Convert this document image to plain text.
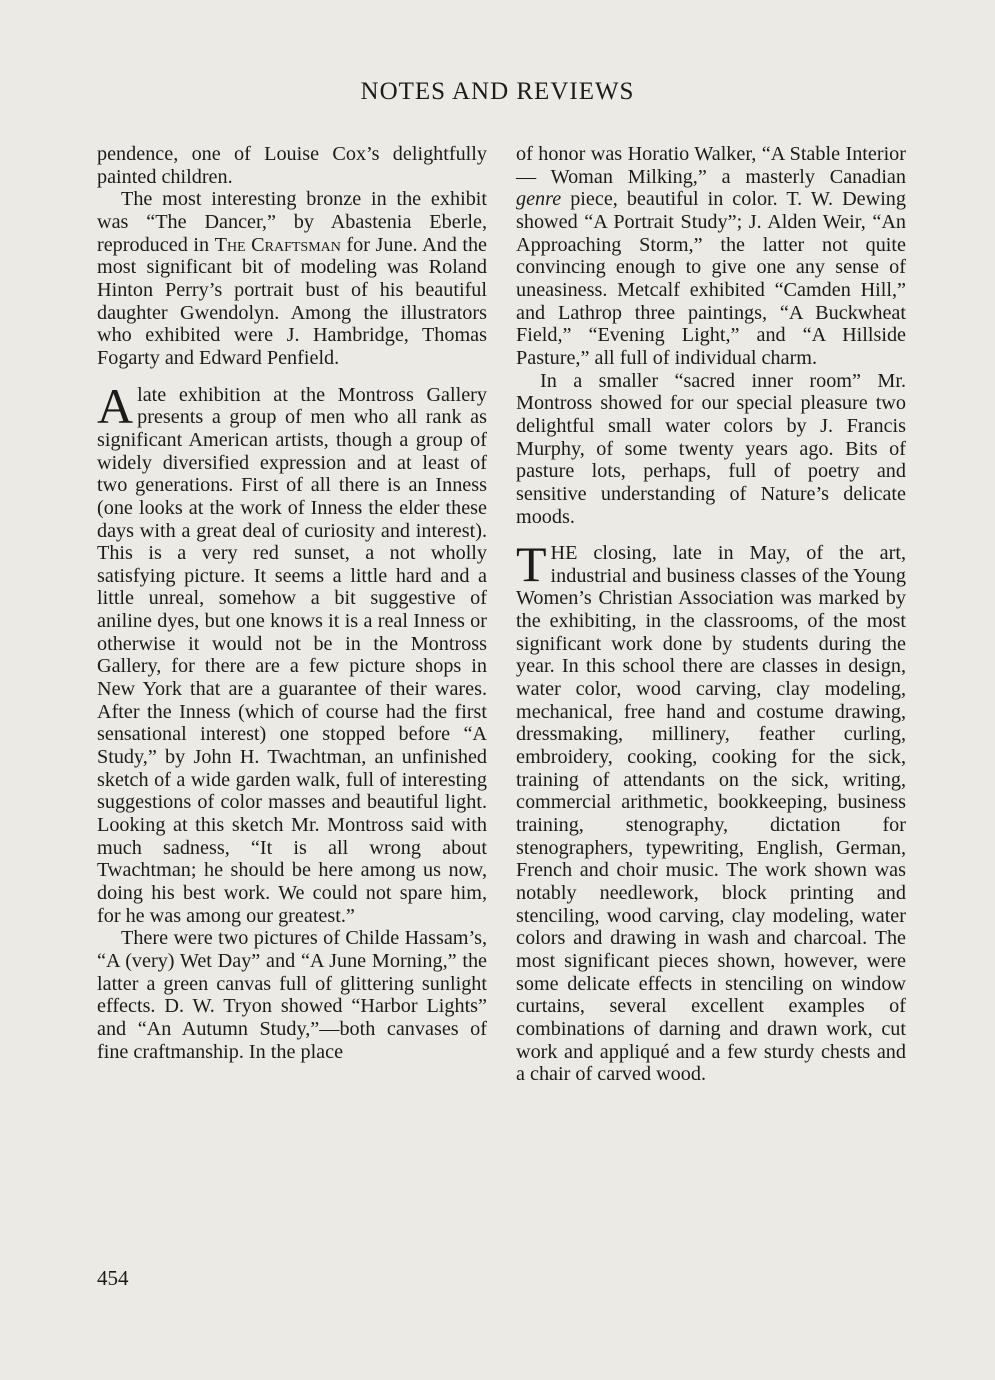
NOTES AND REVIEWS

pendence, one of Louise Cox’s delightfully painted children.

The most interesting bronze in the exhibit was “The Dancer,” by Abastenia Eberle, reproduced in The Craftsman for June. And the most significant bit of modeling was Roland Hinton Perry’s portrait bust of his beautiful daughter Gwendolyn. Among the illustrators who exhibited were J. Hambridge, Thomas Fogarty and Edward Penfield.

A late exhibition at the Montross Gallery presents a group of men who all rank as significant American artists, though a group of widely diversified expression and at least of two generations. First of all there is an Inness (one looks at the work of Inness the elder these days with a great deal of curiosity and interest). This is a very red sunset, a not wholly satisfying picture. It seems a little hard and a little unreal, somehow a bit suggestive of aniline dyes, but one knows it is a real Inness or otherwise it would not be in the Montross Gallery, for there are a few picture shops in New York that are a guarantee of their wares. After the Inness (which of course had the first sensational interest) one stopped before “A Study,” by John H. Twachtman, an unfinished sketch of a wide garden walk, full of interesting suggestions of color masses and beautiful light. Looking at this sketch Mr. Montross said with much sadness, “It is all wrong about Twachtman; he should be here among us now, doing his best work. We could not spare him, for he was among our greatest.”

There were two pictures of Childe Hassam’s, “A (very) Wet Day” and “A June Morning,” the latter a green canvas full of glittering sunlight effects. D. W. Tryon showed “Harbor Lights” and “An Autumn Study,”—both canvases of fine craftmanship. In the place

of honor was Horatio Walker, “A Stable Interior — Woman Milking,” a masterly Canadian genre piece, beautiful in color. T. W. Dewing showed “A Portrait Study”; J. Alden Weir, “An Approaching Storm,” the latter not quite convincing enough to give one any sense of uneasiness. Metcalf exhibited “Camden Hill,” and Lathrop three paintings, “A Buckwheat Field,” “Evening Light,” and “A Hillside Pasture,” all full of individual charm.

In a smaller “sacred inner room” Mr. Montross showed for our special pleasure two delightful small water colors by J. Francis Murphy, of some twenty years ago. Bits of pasture lots, perhaps, full of poetry and sensitive understanding of Nature’s delicate moods.

THE closing, late in May, of the art, industrial and business classes of the Young Women’s Christian Association was marked by the exhibiting, in the classrooms, of the most significant work done by students during the year. In this school there are classes in design, water color, wood carving, clay modeling, mechanical, free hand and costume drawing, dressmaking, millinery, feather curling, embroidery, cooking, cooking for the sick, training of attendants on the sick, writing, commercial arithmetic, bookkeeping, business training, stenography, dictation for stenographers, typewriting, English, German, French and choir music. The work shown was notably needlework, block printing and stenciling, wood carving, clay modeling, water colors and drawing in wash and charcoal. The most significant pieces shown, however, were some delicate effects in stenciling on window curtains, several excellent examples of combinations of darning and drawn work, cut work and appliqué and a few sturdy chests and a chair of carved wood.

454
